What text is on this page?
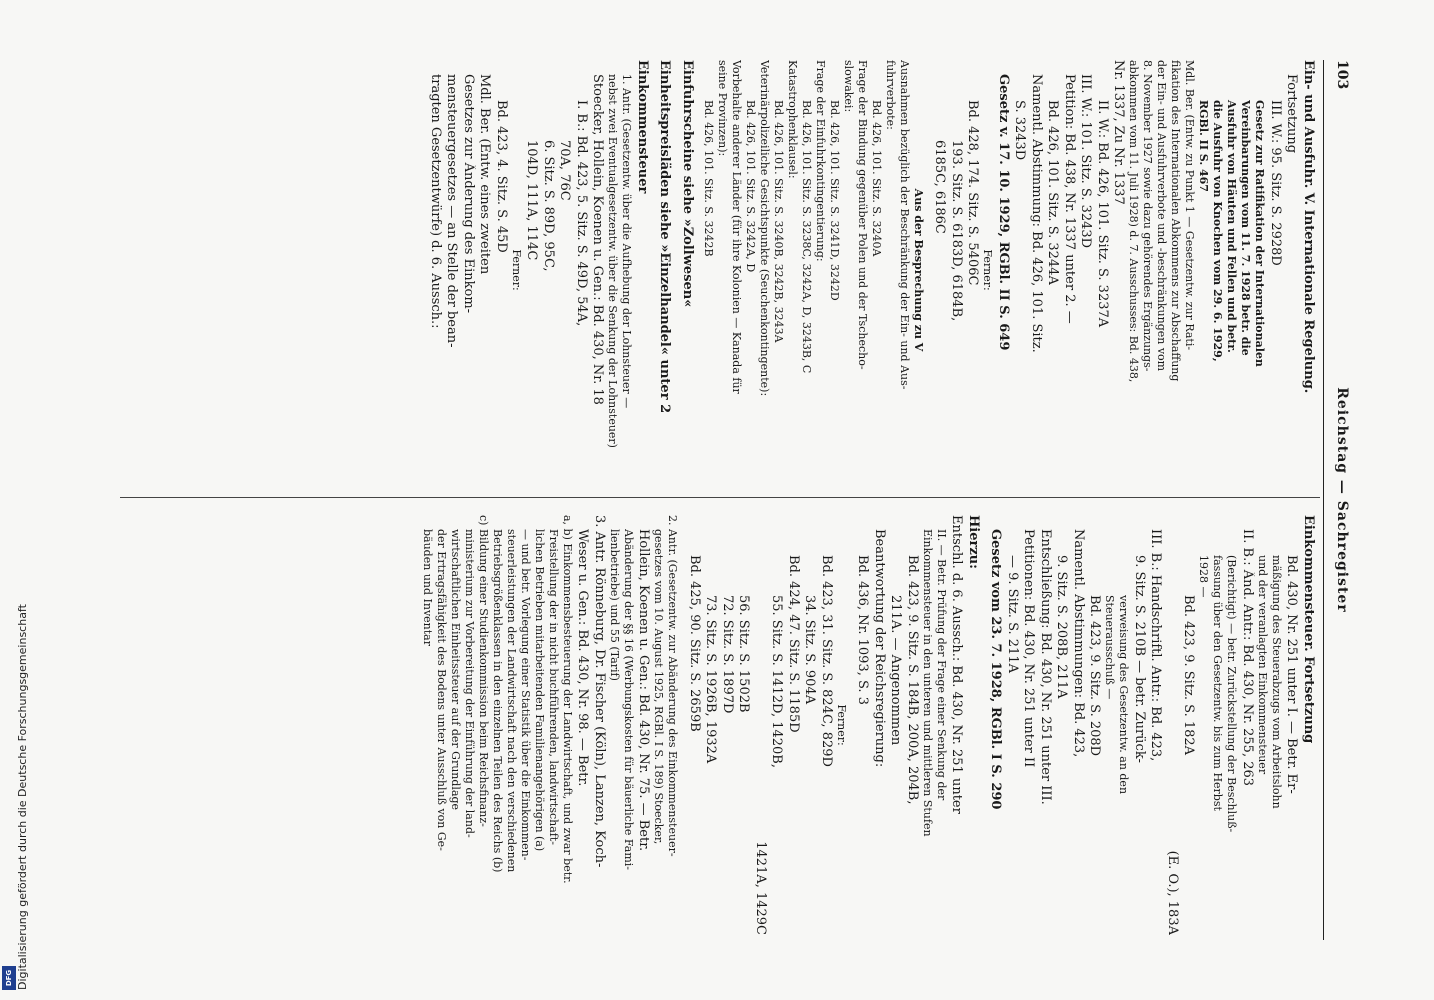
Reichstag — Sachregister
103
Ein- und Ausfuhr. V. Internationale Regelung.
Fortsetzung
III. W.: 95. Sitz. S. 2928D
Gesetz zur Ratifikation der Internationalen
Vereinbarungen vom 11. 7. 1928 betr. die
Ausfuhr von Häuten und Fellen und betr.
die Ausfuhr von Knochen vom 29. 6. 1929,
RGBl. II S. 467
Mdl. Ber. (Entw. zu Punkt 1 — Gesetzentw. zur Rati-
fikation des Internationalen Abkommens zur Abschaffung
der Ein- und Ausfuhrverbote und -beschränkungen vom
8. November 1927 sowie dazu gehörendes Ergänzungs-
abkommen vom 11. Juli 1928) d. 7. Ausschusses: Bd. 438,
Nr. 1337, Zu Nr. 1337
II. W.: Bd. 426, 101. Sitz. S. 3237A
III. W.: 101. Sitz. S. 3243D
Petition: Bd. 438, Nr. 1337 unter 2. —
Bd. 426, 101. Sitz. S. 3244A
Namentl. Abstimmung: Bd. 426, 101. Sitz.
S. 3243D
Gesetz v. 17. 10. 1929, RGBl. II S. 649
Ferner:
Bd. 428, 174. Sitz. S. 5406C
193. Sitz. S. 6183D, 6184B,
6185C, 6186C
Aus der Besprechung zu V
Ausnahmen bezüglich der Beschränkung der Ein- und Aus-
fuhrverbote:
Bd. 426, 101. Sitz. S. 3240A
Frage der Bindung gegenüber Polen und der Tschecho-
slowakei:
Bd. 426, 101. Sitz. S. 3241D, 3242D
Frage der Einfuhrkontingentierung:
Bd. 426, 101. Sitz. S. 3238C, 3242A, D, 3243B, C
Katastrophenklausel:
Bd. 426, 101. Sitz. S. 3240B, 3242B, 3243A
Veterinärpolizeiliche Gesichtspunkte (Seuchenkontingente):
Bd. 426, 101. Sitz. S. 3242A, D
Vorbehalte anderer Länder (für ihre Kolonien — Kanada für
seine Provinzen):
Bd. 426, 101. Sitz. S. 3242B
Einfuhrscheine siehe »Zollwesen«
Einheitspreisläden siehe »Einzelhandel« unter 2
Einkommensteuer
1. Antr. (Gesetzentw. über die Aufhebung der Lohnsteuer —
nebst zwei Eventualgesetzentw. über die Senkung der Lohnsteuer)
Stoecker, Hollein, Koenen u. Gen.: Bd. 430, Nr. 18
I. B.: Bd. 423, 5. Sitz. S. 49D, 54A,
70A, 76C
6. Sitz. S. 89D, 95C,
104D, 111A, 114C
Ferner:
Bd. 423, 4. Sitz. S. 45D
Mdl. Ber. (Entw. eines zweiten
Gesetzes zur Änderung des Einkom-
mensteuergesetzes — an Stelle der bean-
tragten Gesetzentwürfe) d. 6. Aussch.:
Einkommensteuer. Fortsetzung
Bd. 430, Nr. 251 unter I. — Betr. Er-
mäßigung des Steuerabzugs vom Arbeitslohn
und der veranlagten Einkommensteuer
II. B.: Änd. Antr.: Bd. 430, Nr. 255, 263
(Berichtigt) — betr. Zurückstellung der Beschluß-
fassung über den Gesetzentw. bis zum Herbst
1928 —
Bd. 423, 9. Sitz. S. 182A
(E. O.), 183A
III. B.: Handschriftl. Antr.: Bd. 423,
9. Sitz. S. 210B — betr. Zurück-
verweisung des Gesetzentw. an den
Steuerausschuß —
Bd. 423, 9. Sitz. S. 208D
Namentl. Abstimmungen: Bd. 423,
9. Sitz. S. 208B, 211A
Entschließung: Bd. 430, Nr. 251 unter III.
Petitionen: Bd. 430, Nr. 251 unter II
— 9. Sitz. S. 211A
Gesetz vom 23. 7. 1928, RGBl. I S. 290
Hierzu:
Entschl. d. 6. Aussch.: Bd. 430, Nr. 251 unter
II. — Betr. Prüfung der Frage einer Senkung der
Einkommensteuer in den unteren und mittleren Stufen
Bd. 423, 9. Sitz. S. 184B, 200A, 204B,
211A. — Angenommen
Beantwortung der Reichsregierung:
Bd. 436, Nr. 1093, S. 3
Ferner:
Bd. 423, 31. Sitz. S. 824C, 829D
34. Sitz. S. 904A
Bd. 424, 47. Sitz. S. 1185D
55. Sitz. S. 1412D, 1420B,
1421A, 1429C
56. Sitz. S. 1502B
72. Sitz. S. 1897D
73. Sitz. S. 1926B, 1932A
Bd. 425, 90. Sitz. S. 2659B
2. Antr. (Gesetzentw. zur Abänderung des Einkommensteuer-
gesetzes vom 10. August 1925, RGBl. I S. 189) Stoecker,
Hollein, Koenen u. Gen.: Bd. 430, Nr. 75. — Betr.
Abänderung der §§ 16 (Werbungskosten für bäuerliche Fami-
lienbetriebe) und 55 (Tarif)
3. Antr. Rönneburg, Dr. Fischer (Köln), Lanzen, Koch-
Weser u. Gen.: Bd. 430, Nr. 98. — Betr.
a, b) Einkommensbesteuerung der Landwirtschaft, und zwar betr.
Freistellung der in nicht buchführenden, landwirtschaft-
lichen Betrieben mitarbeitenden Familienangehörigen (a)
— und betr. Vorlegung einer Statistik über die Einkommen-
steuerleistungen der Landwirtschaft nach den verschiedenen
Betriebsgrößenklassen in den einzelnen Teilen des Reichs (b)
c) Bildung einer Studienkommission beim Reichsfinanz-
ministerium zur Vorbereitung der Einführung der land-
wirtschaftlichen Einheitssteuer auf der Grundlage
der Ertragsfähigkeit des Bodens unter Ausschluß von Ge-
bäuden und Inventar
Digitalisierung gefördert durch die Deutsche Forschungsgemeinschaft
DFG
